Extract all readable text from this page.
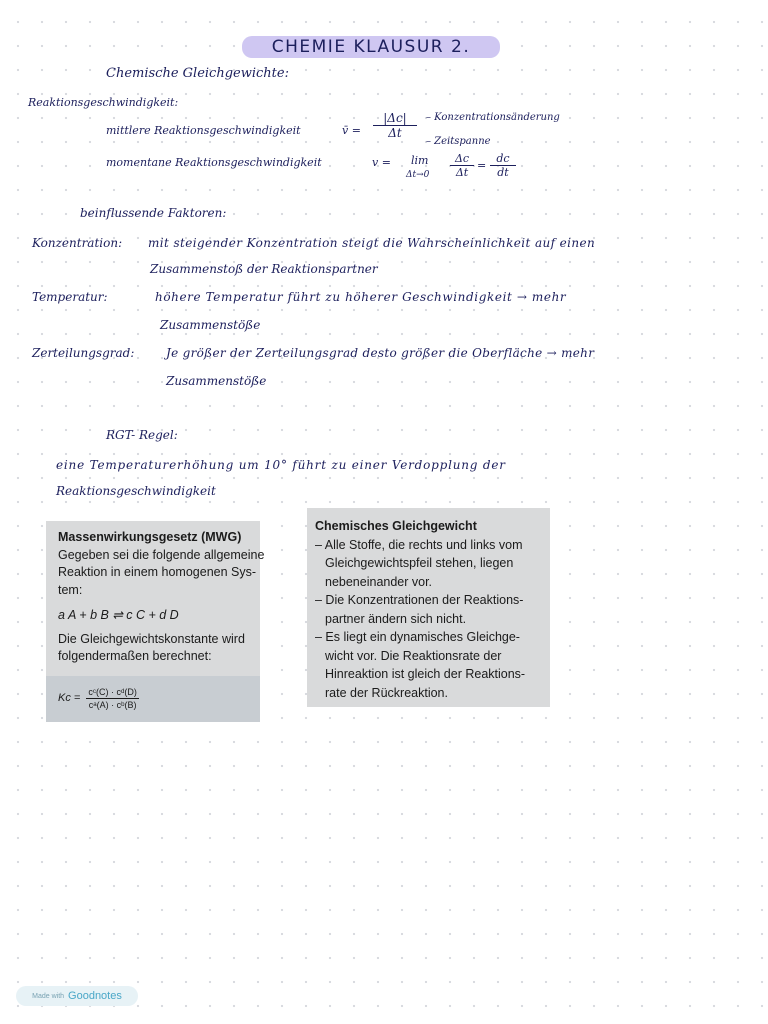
CHEMIE KLAUSUR 2.
Chemische Gleichgewichte:
Reaktionsgeschwindigkeit:
mittlere Reaktionsgeschwindigkeit	v̄ = $\frac{|\Delta c|}{\Delta t}$ – Konzentrationsänderung
– Zeitspanne
momentane Reaktionsgeschwindigkeit	v = lim
$\Delta t\to 0 \frac{\Delta c}{\Delta t} = \frac{dc}{dt}$
beinflussende Faktoren:
Konzentration: mit steigender Konzentration steigt die Wahrscheinlichkeit auf einen
Zusammenstoß der Reaktionspartner
Temperatur:	höhere Temperatur führt zu höherer Geschwindigkeit → mehr
Zusammenstöße
Zerteilungsgrad:	Je größer der Zerteilungsgrad desto größer die Oberfläche → mehr
Zusammenstöße
RGT- Regel:
eine Temperaturerhöhung um 10° führt zu einer Verdopplung der
Reaktionsgeschwindigkeit
Massenwirkungsgesetz (MWG)
Gegeben sei die folgende allgemeine
Reaktion in einem homogenen Sys-
tem:
a A + b B ⇌ c C + d D
Die Gleichgewichtskonstante wird
folgendermaßen berechnet:
$Kc = \frac{\text{cᶜ(C) · cᵈ(D)}}{\text{cᵃ(A) · cᵇ(B)}}$
Chemisches Gleichgewicht
– Alle Stoffe, die rechts und links vom
Gleichgewichtspfeil stehen, liegen
nebeneinander vor.
– Die Konzentrationen der Reaktions-
partner ändern sich nicht.
– Es liegt ein dynamisches Gleichge-
wicht vor. Die Reaktionsrate der
Hinreaktion ist gleich der Reaktions-
rate der Rückreaktion.
Made with Goodnotes
